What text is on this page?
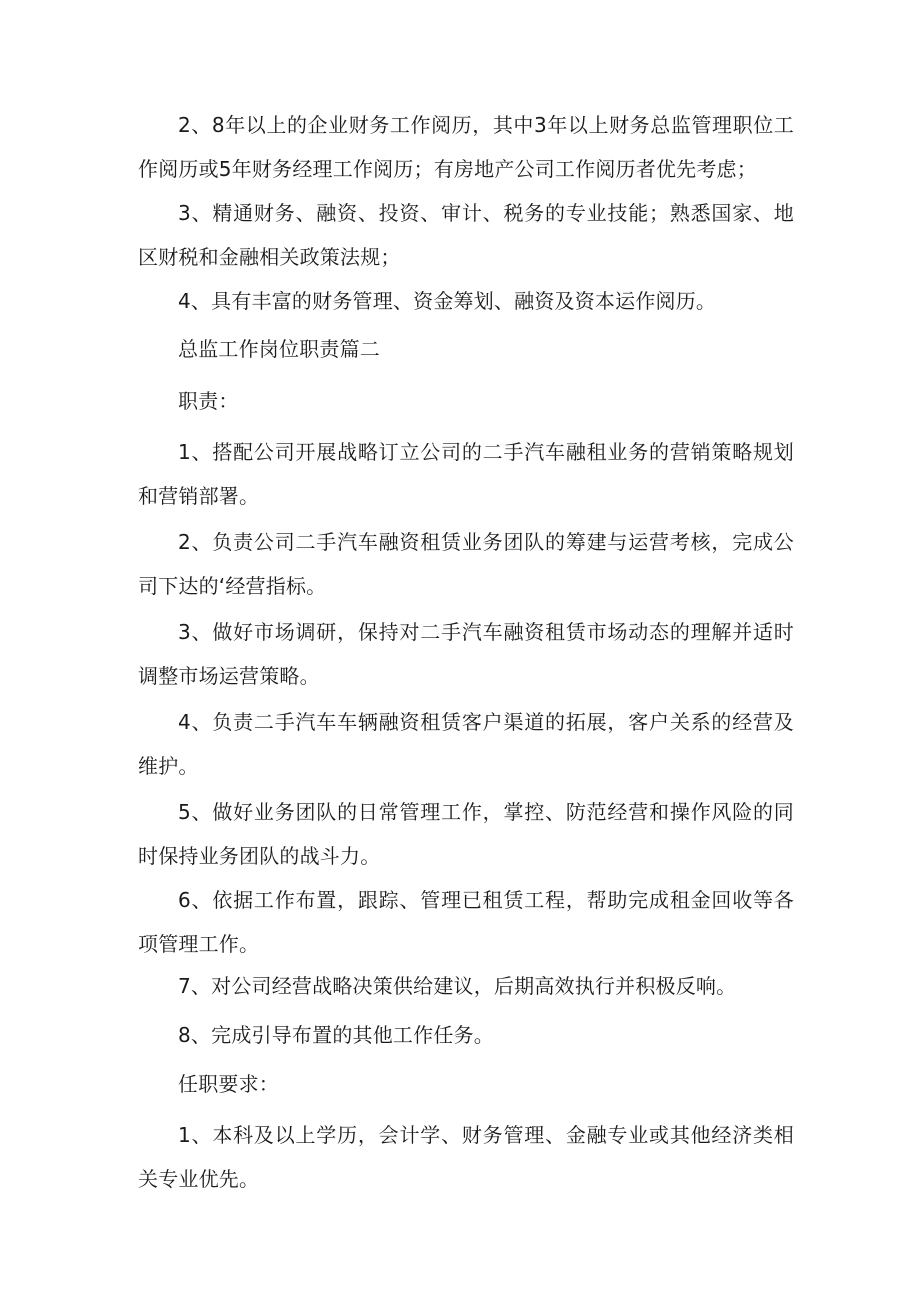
2、8年以上的企业财务工作阅历，其中3年以上财务总监管理职位工作阅历或5年财务经理工作阅历；有房地产公司工作阅历者优先考虑；

3、精通财务、融资、投资、审计、税务的专业技能；熟悉国家、地区财税和金融相关政策法规；

4、具有丰富的财务管理、资金筹划、融资及资本运作阅历。

总监工作岗位职责篇二

职责：

1、搭配公司开展战略订立公司的二手汽车融租业务的营销策略规划和营销部署。

2、负责公司二手汽车融资租赁业务团队的筹建与运营考核，完成公司下达的‘经营指标。

3、做好市场调研，保持对二手汽车融资租赁市场动态的理解并适时调整市场运营策略。

4、负责二手汽车车辆融资租赁客户渠道的拓展，客户关系的经营及维护。

5、做好业务团队的日常管理工作，掌控、防范经营和操作风险的同时保持业务团队的战斗力。

6、依据工作布置，跟踪、管理已租赁工程，帮助完成租金回收等各项管理工作。

7、对公司经营战略决策供给建议，后期高效执行并积极反响。

8、完成引导布置的其他工作任务。

任职要求：

1、本科及以上学历，会计学、财务管理、金融专业或其他经济类相关专业优先。
